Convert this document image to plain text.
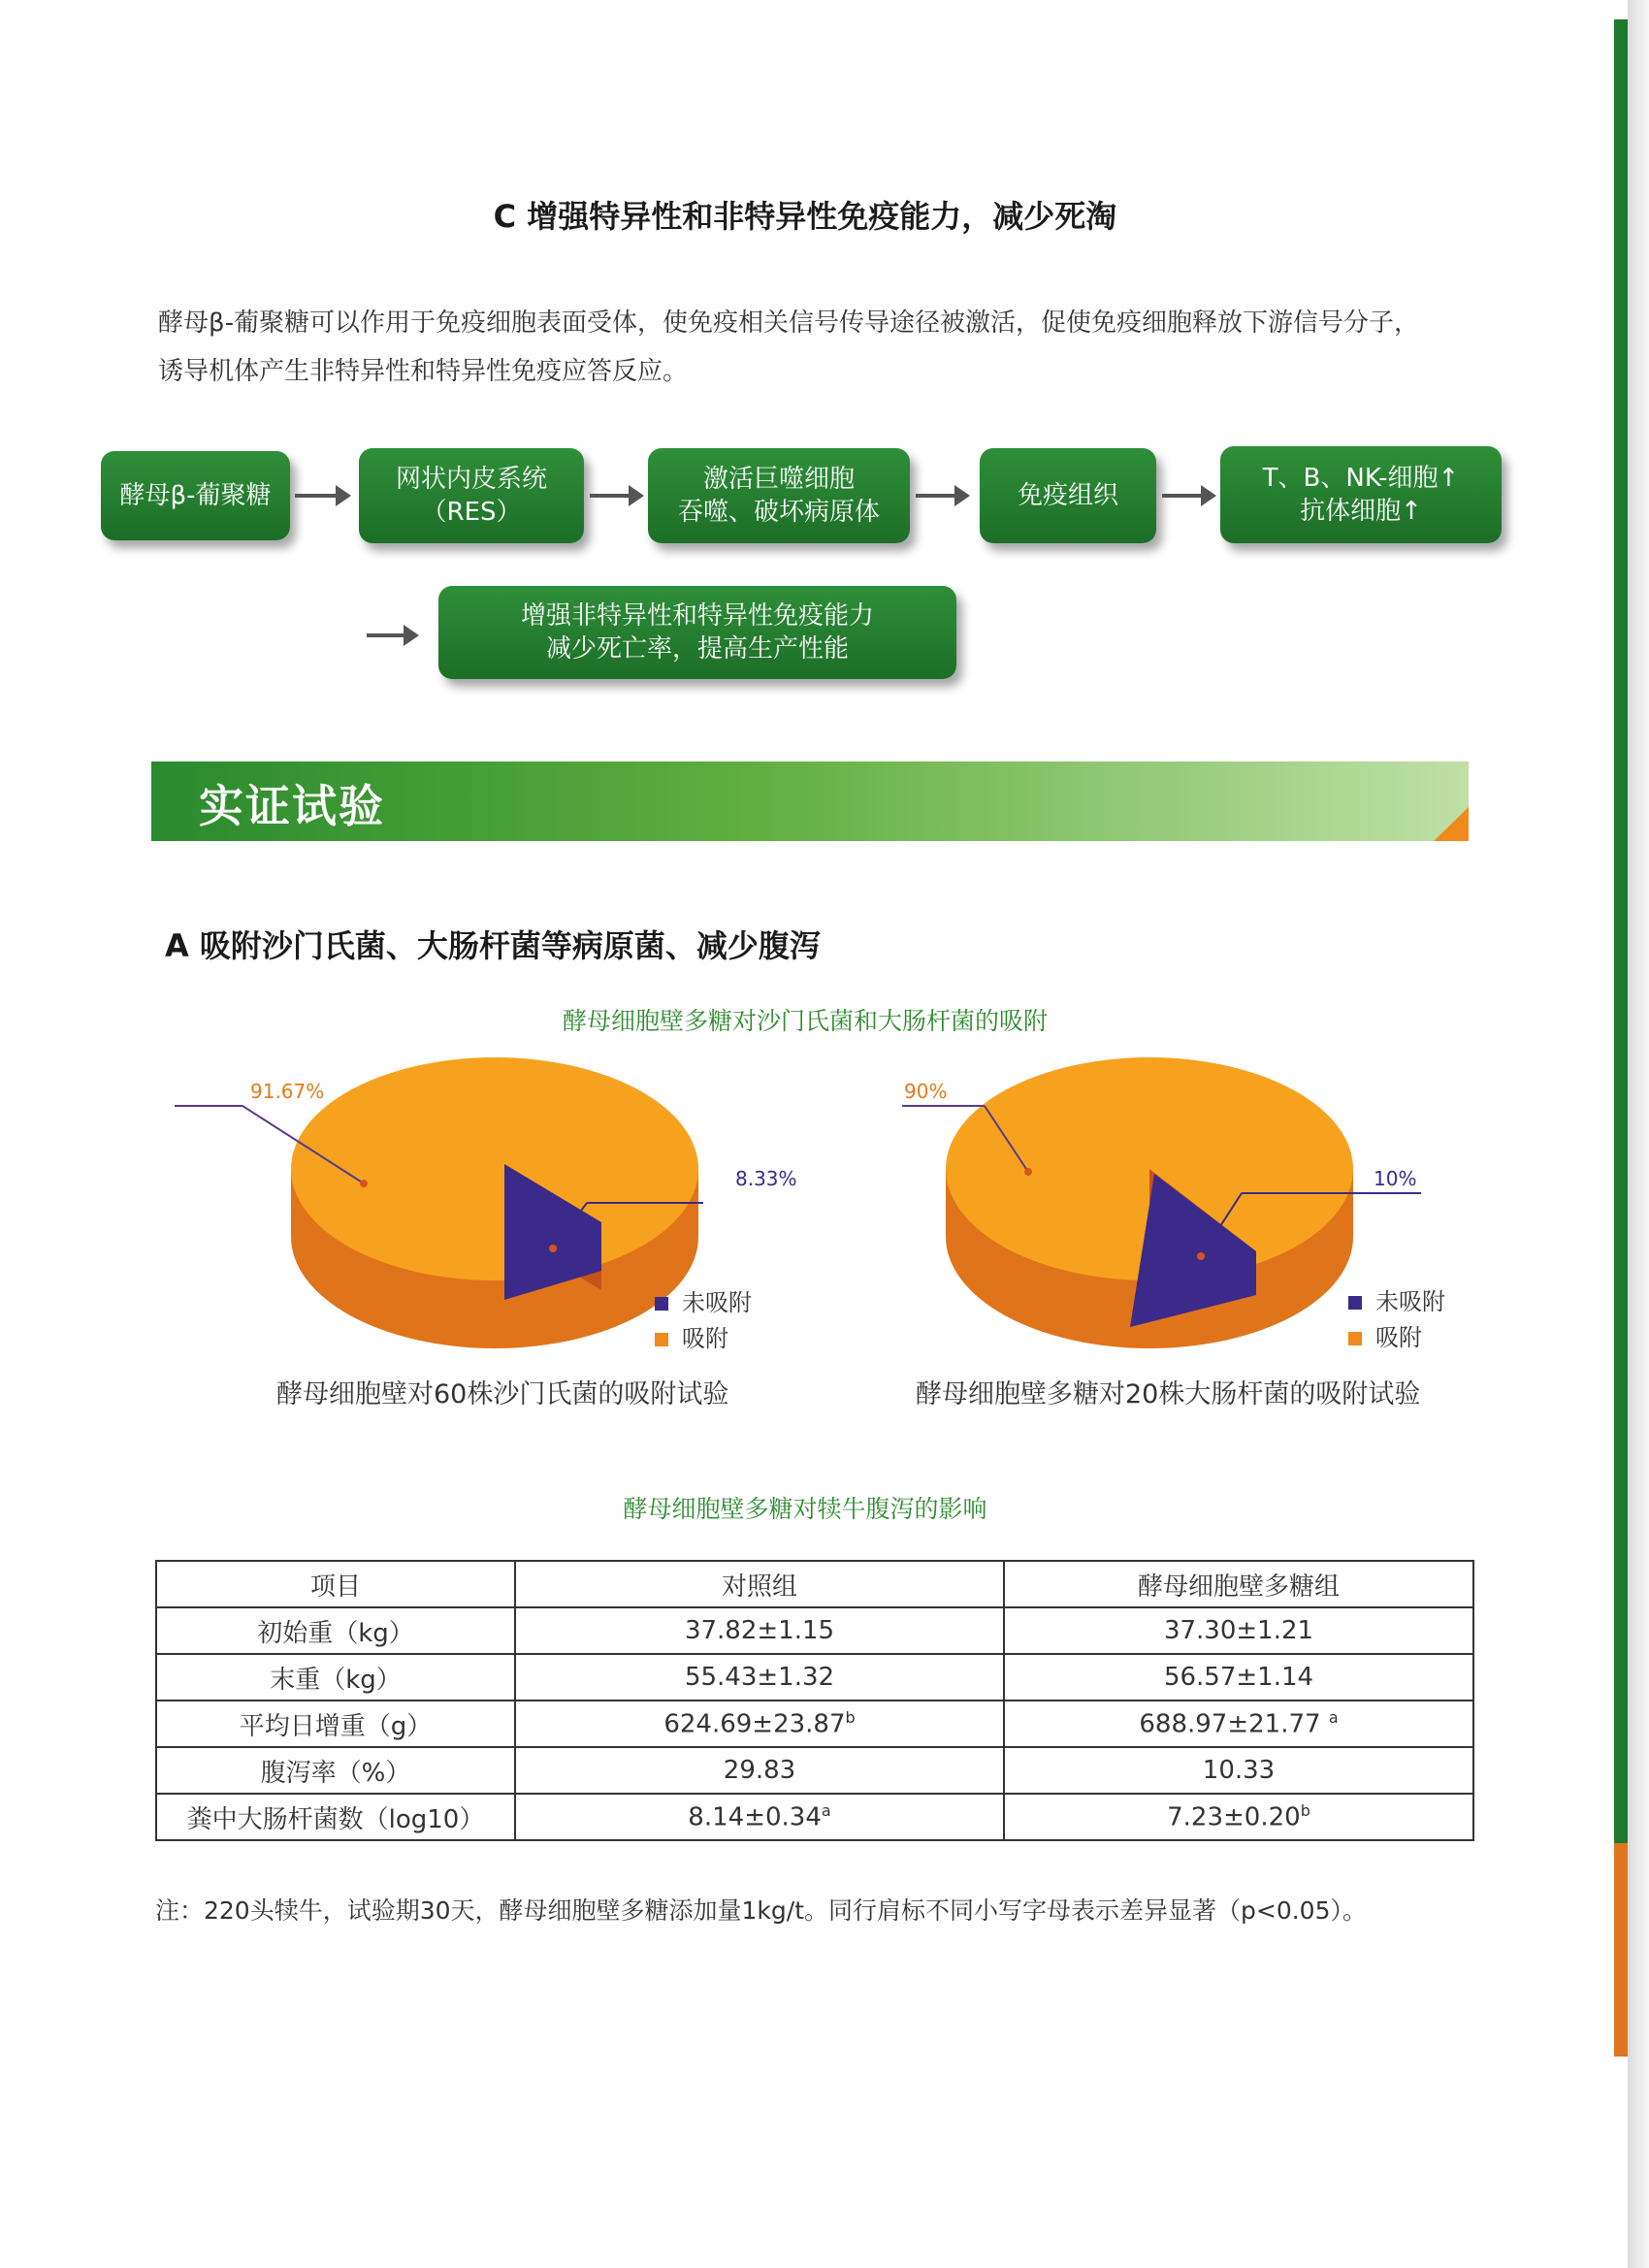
C 增强特异性和非特异性免疫能力，减少死淘
酵母β-葡聚糖可以作用于免疫细胞表面受体，使免疫相关信号传导途径被激活，促使免疫细胞释放下游信号分子，
诱导机体产生非特异性和特异性免疫应答反应。
酵母β-葡聚糖
网状内皮系统
（RES）
激活巨噬细胞
吞噬、破坏病原体
免疫组织
T、B、NK-细胞↑
抗体细胞↑
增强非特异性和特异性免疫能力
减少死亡率，提高生产性能
实证试验
A 吸附沙门氏菌、大肠杆菌等病原菌、减少腹泻
酵母细胞壁多糖对沙门氏菌和大肠杆菌的吸附
91.67%
8.33%
未吸附
吸附
酵母细胞壁对60株沙门氏菌的吸附试验
90%
10%
未吸附
吸附
酵母细胞壁多糖对20株大肠杆菌的吸附试验
酵母细胞壁多糖对犊牛腹泻的影响
项目	对照组	酵母细胞壁多糖组
初始重（kg）	37.82±1.15	37.30±1.21
末重（kg）	55.43±1.32	56.57±1.14
平均日增重（g）	624.69±23.87$^b$	688.97±21.77 $^a$
腹泻率（%）	29.83	10.33
粪中大肠杆菌数（log10）	8.14±0.34$^a$	7.23±0.20$^b$
注：220头犊牛，试验期30天，酵母细胞壁多糖添加量1kg/t。同行肩标不同小写字母表示差异显著（p<0.05）。
